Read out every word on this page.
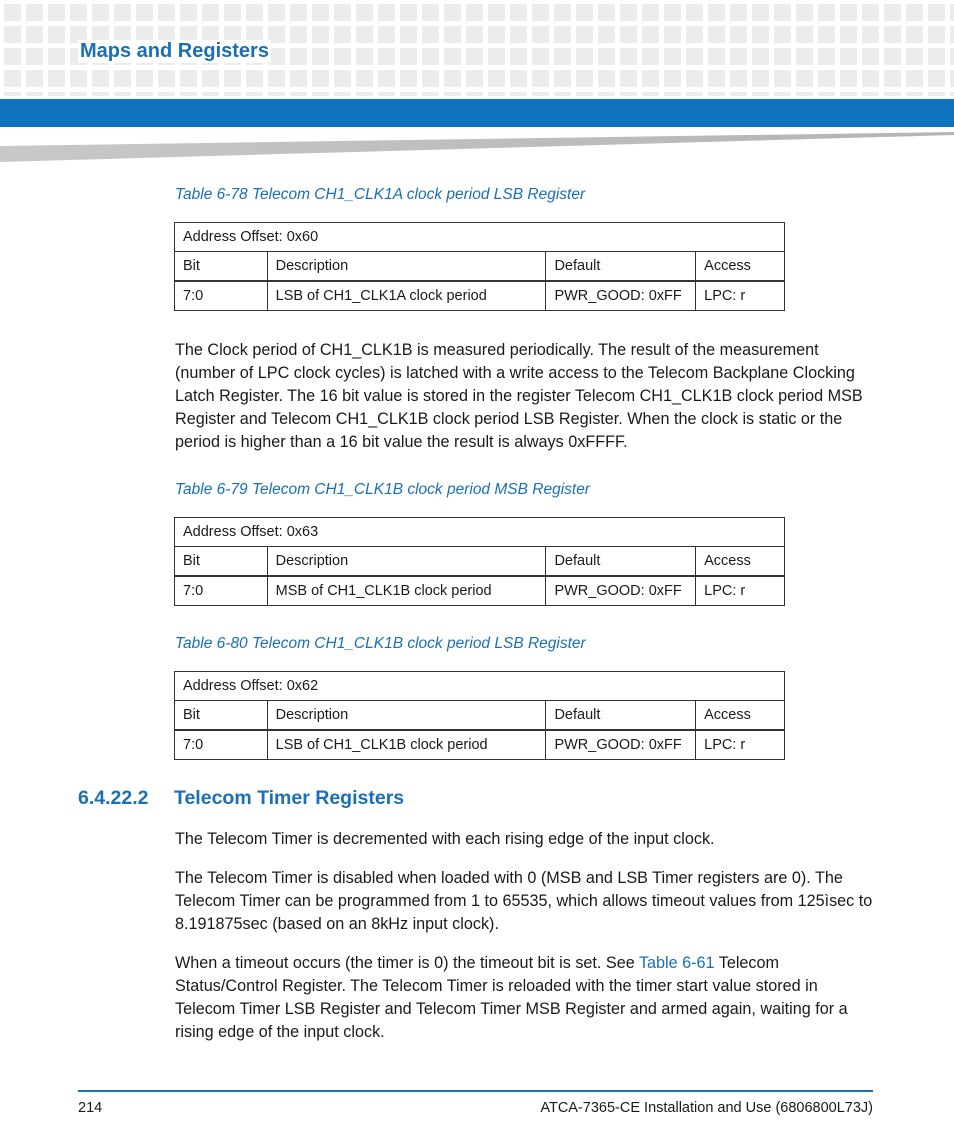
Maps and Registers
Table 6-78 Telecom CH1_CLK1A clock period LSB Register
Address Offset: 0x60			
Bit	Description	Default	Access
7:0	LSB of CH1_CLK1A clock period	PWR_GOOD: 0xFF	LPC: r
The Clock period of CH1_CLK1B is measured periodically. The result of the measurement (number of LPC clock cycles) is latched with a write access to the Telecom Backplane Clocking Latch Register. The 16 bit value is stored in the register Telecom CH1_CLK1B clock period MSB Register and Telecom CH1_CLK1B clock period LSB Register. When the clock is static or the period is higher than a 16 bit value the result is always 0xFFFF.
Table 6-79 Telecom CH1_CLK1B clock period MSB Register
Address Offset: 0x63			
Bit	Description	Default	Access
7:0	MSB of CH1_CLK1B clock period	PWR_GOOD: 0xFF	LPC: r
Table 6-80 Telecom CH1_CLK1B clock period LSB Register
Address Offset: 0x62			
Bit	Description	Default	Access
7:0	LSB of CH1_CLK1B clock period	PWR_GOOD: 0xFF	LPC: r
6.4.22.2 Telecom Timer Registers
The Telecom Timer is decremented with each rising edge of the input clock.
The Telecom Timer is disabled when loaded with 0 (MSB and LSB Timer registers are 0). The Telecom Timer can be programmed from 1 to 65535, which allows timeout values from 125ìsec to 8.191875sec (based on an 8kHz input clock).
When a timeout occurs (the timer is 0) the timeout bit is set. See Table 6-61 Telecom Status/Control Register. The Telecom Timer is reloaded with the timer start value stored in Telecom Timer LSB Register and Telecom Timer MSB Register and armed again, waiting for a rising edge of the input clock.
214	ATCA-7365-CE Installation and Use (6806800L73J)
